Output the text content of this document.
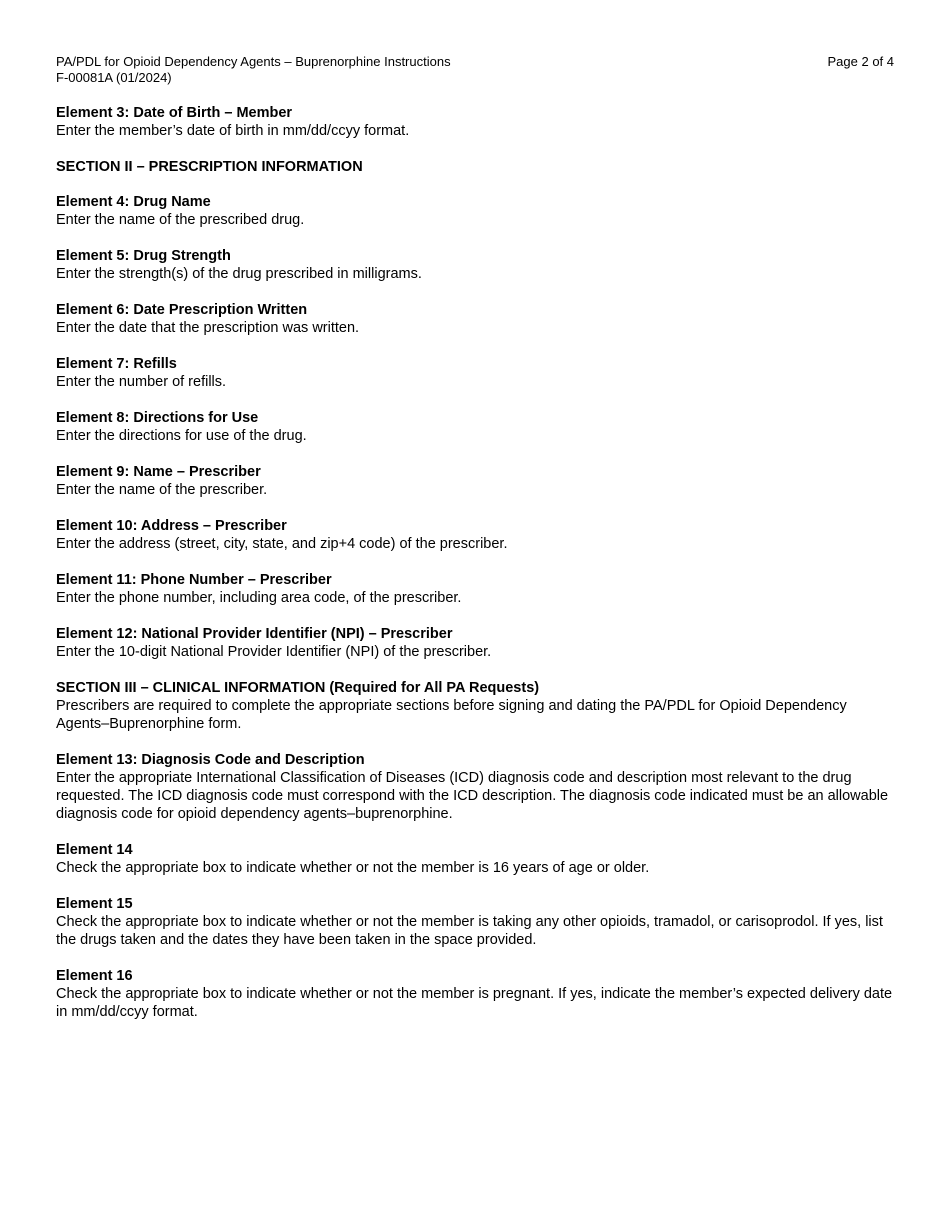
PA/PDL for Opioid Dependency Agents – Buprenorphine Instructions
F-00081A (01/2024)
Page 2 of 4
Element 3: Date of Birth – Member
Enter the member’s date of birth in mm/dd/ccyy format.
SECTION II – PRESCRIPTION INFORMATION
Element 4: Drug Name
Enter the name of the prescribed drug.
Element 5: Drug Strength
Enter the strength(s) of the drug prescribed in milligrams.
Element 6: Date Prescription Written
Enter the date that the prescription was written.
Element 7: Refills
Enter the number of refills.
Element 8: Directions for Use
Enter the directions for use of the drug.
Element 9: Name – Prescriber
Enter the name of the prescriber.
Element 10: Address – Prescriber
Enter the address (street, city, state, and zip+4 code) of the prescriber.
Element 11: Phone Number – Prescriber
Enter the phone number, including area code, of the prescriber.
Element 12: National Provider Identifier (NPI) – Prescriber
Enter the 10-digit National Provider Identifier (NPI) of the prescriber.
SECTION III – CLINICAL INFORMATION (Required for All PA Requests)
Prescribers are required to complete the appropriate sections before signing and dating the PA/PDL for Opioid Dependency Agents–Buprenorphine form.
Element 13: Diagnosis Code and Description
Enter the appropriate International Classification of Diseases (ICD) diagnosis code and description most relevant to the drug requested. The ICD diagnosis code must correspond with the ICD description. The diagnosis code indicated must be an allowable diagnosis code for opioid dependency agents–buprenorphine.
Element 14
Check the appropriate box to indicate whether or not the member is 16 years of age or older.
Element 15
Check the appropriate box to indicate whether or not the member is taking any other opioids, tramadol, or carisoprodol. If yes, list the drugs taken and the dates they have been taken in the space provided.
Element 16
Check the appropriate box to indicate whether or not the member is pregnant. If yes, indicate the member’s expected delivery date in mm/dd/ccyy format.
